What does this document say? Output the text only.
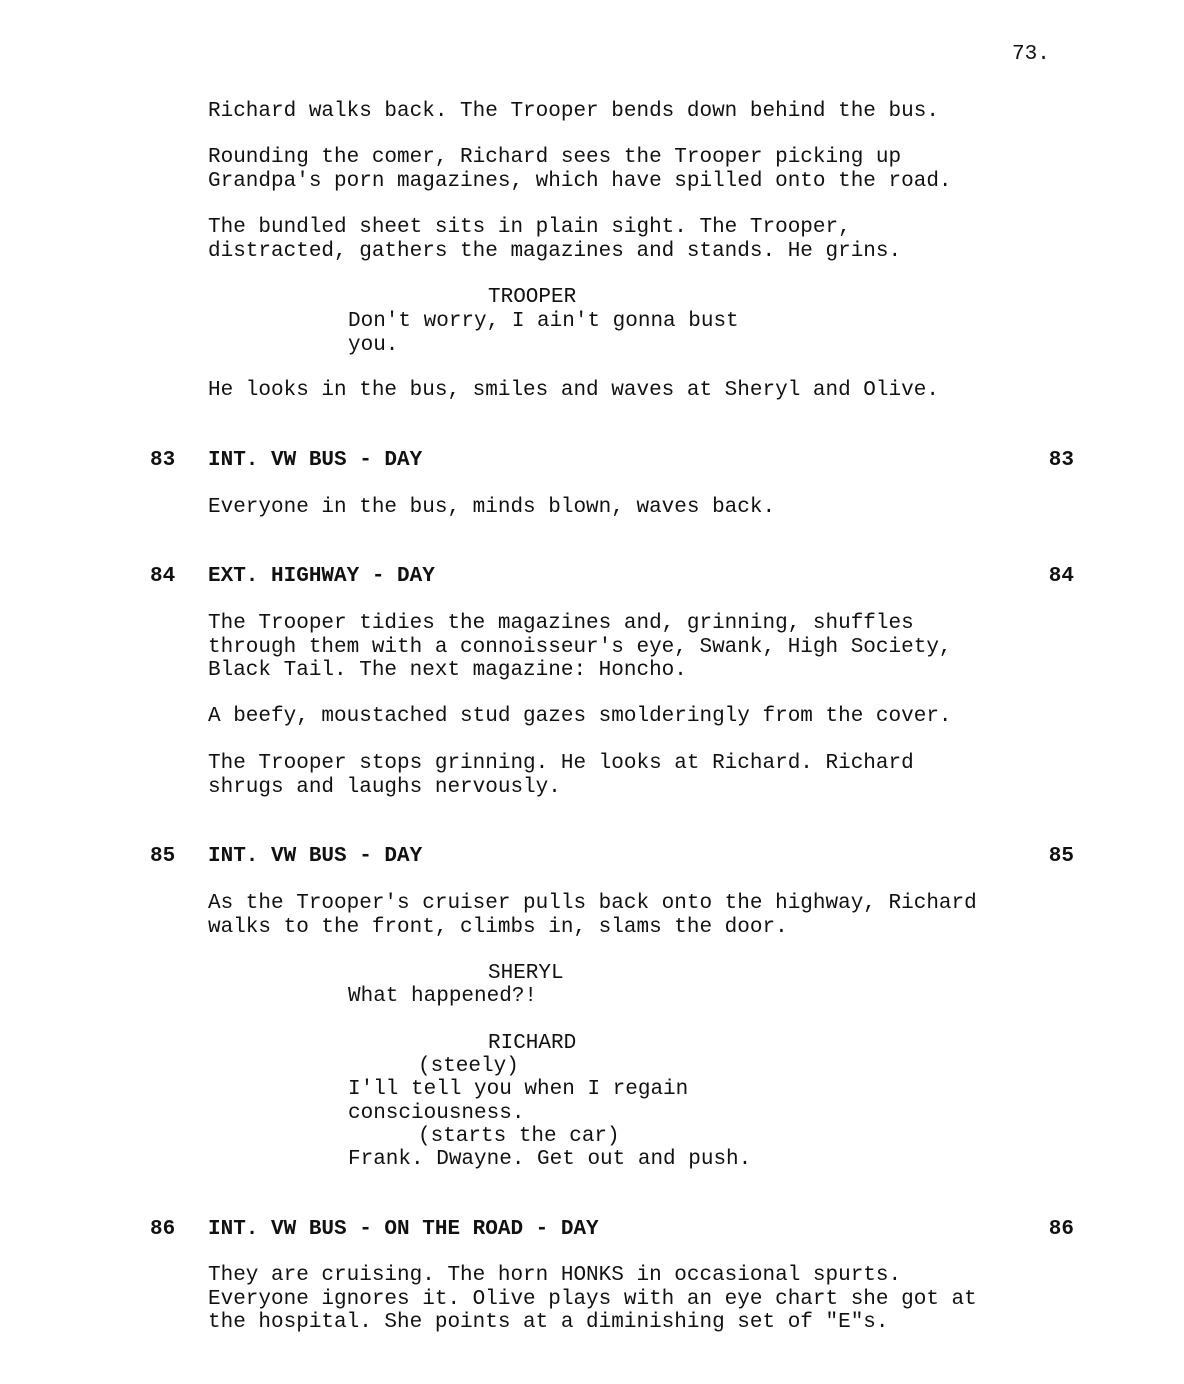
73.
Richard walks back. The Trooper bends down behind the bus.
Rounding the comer, Richard sees the Trooper picking up
Grandpa's porn magazines, which have spilled onto the road.
The bundled sheet sits in plain sight. The Trooper,
distracted, gathers the magazines and stands. He grins.
TROOPER
Don't worry, I ain't gonna bust
you.
He looks in the bus, smiles and waves at Sheryl and Olive.
83 INT. VW BUS - DAY	83
Everyone in the bus, minds blown, waves back.
84 EXT. HIGHWAY - DAY	84
The Trooper tidies the magazines and, grinning, shuffles
through them with a connoisseur's eye, Swank, High Society,
Black Tail. The next magazine: Honcho.
A beefy, moustached stud gazes smolderingly from the cover.
The Trooper stops grinning. He looks at Richard. Richard
shrugs and laughs nervously.
85 INT. VW BUS - DAY	85
As the Trooper's cruiser pulls back onto the highway, Richard
walks to the front, climbs in, slams the door.
SHERYL
What happened?!
RICHARD
(steely)
I'll tell you when I regain
consciousness.
(starts the car)
Frank. Dwayne. Get out and push.
86 INT. VW BUS - ON THE ROAD - DAY	86
They are cruising. The horn HONKS in occasional spurts.
Everyone ignores it. Olive plays with an eye chart she got at
the hospital. She points at a diminishing set of "E"s.
